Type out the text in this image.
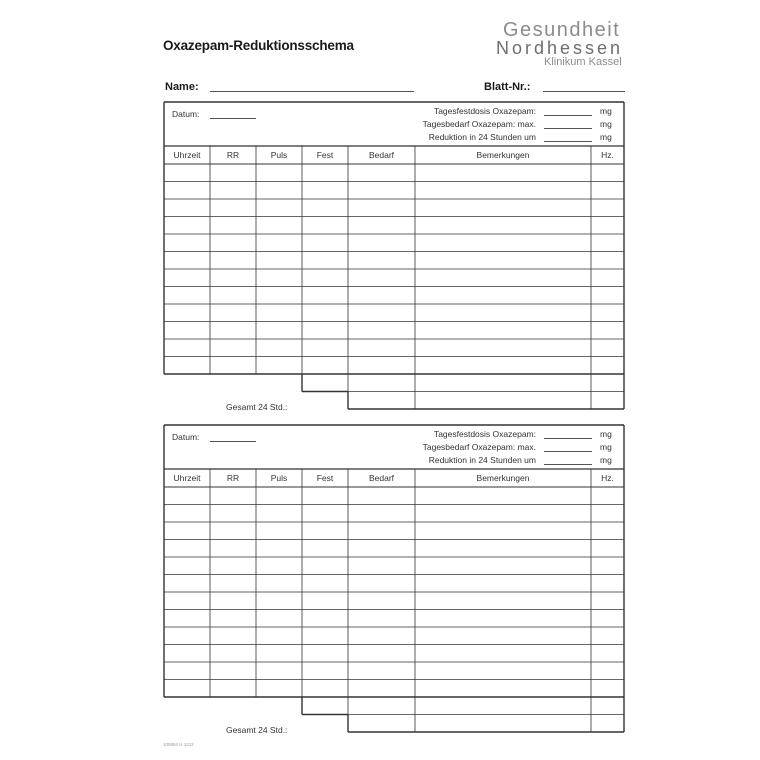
Oxazepam-Reduktionsschema
Gesundheit
Nordhessen
Klinikum Kassel
Name:	Blatt-Nr.:
Datum:	Tagesfestdosis Oxazepam:	mg
Tagesbedarf Oxazepam: max.	mg
Reduktion in 24 Stunden um	mg
Gesamt 24 Std.:
Datum:	Tagesfestdosis Oxazepam:	mg
Tagesbedarf Oxazepam: max.	mg
Reduktion in 24 Stunden um	mg
Gesamt 24 Std.:
Uhrzeit	RR	Puls	Fest	Bedarf	Bemerkungen	Hz.
Uhrzeit	RR	Puls	Fest	Bedarf	Bemerkungen	Hz.
100894 H 1212
